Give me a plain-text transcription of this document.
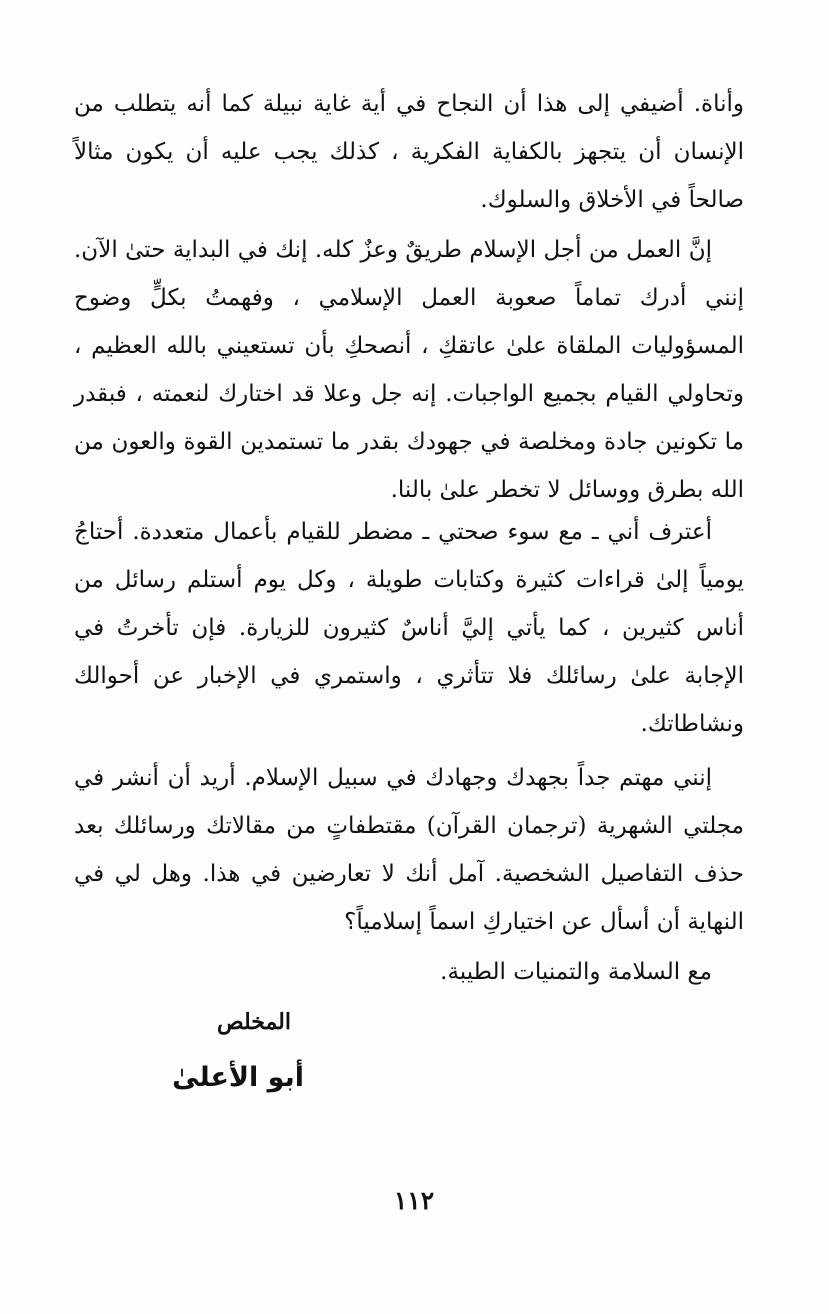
وأناة. أضيفي إلى هذا أن النجاح في أية غاية نبيلة كما أنه يتطلب من الإنسان أن يتجهز بالكفاية الفكرية ، كذلك يجب عليه أن يكون مثالاً صالحاً في الأخلاق والسلوك.

إنَّ العمل من أجل الإسلام طريقٌ وعزٌ كله. إنك في البداية حتىٰ الآن. إنني أدرك تماماً صعوبة العمل الإسلامي ، وفهمتُ بكلٍّ وضوح المسؤوليات الملقاة علىٰ عاتقكِ ، أنصحكِ بأن تستعيني بالله العظيم ، وتحاولي القيام بجميع الواجبات. إنه جل وعلا قد اختارك لنعمته ، فبقدر ما تكونين جادة ومخلصة في جهودك بقدر ما تستمدين القوة والعون من الله بطرق ووسائل لا تخطر علىٰ بالنا.

أعترف أني ـ مع سوء صحتي ـ مضطر للقيام بأعمال متعددة. أحتاجُ يومياً إلىٰ قراءات كثيرة وكتابات طويلة ، وكل يوم أستلم رسائل من أناس كثيرين ، كما يأتي إليَّ أناسٌ كثيرون للزيارة. فإن تأخرتُ في الإجابة علىٰ رسائلك فلا تتأثري ، واستمري في الإخبار عن أحوالك ونشاطاتك.

إنني مهتم جداً بجهدك وجهادك في سبيل الإسلام. أريد أن أنشر في مجلتي الشهرية (ترجمان القرآن) مقتطفاتٍ من مقالاتك ورسائلك بعد حذف التفاصيل الشخصية. آمل أنك لا تعارضين في هذا. وهل لي في النهاية أن أسأل عن اختياركِ اسماً إسلامياً؟

مع السلامة والتمنيات الطيبة.

المخلص
أبو الأعلىٰ
١١٢
